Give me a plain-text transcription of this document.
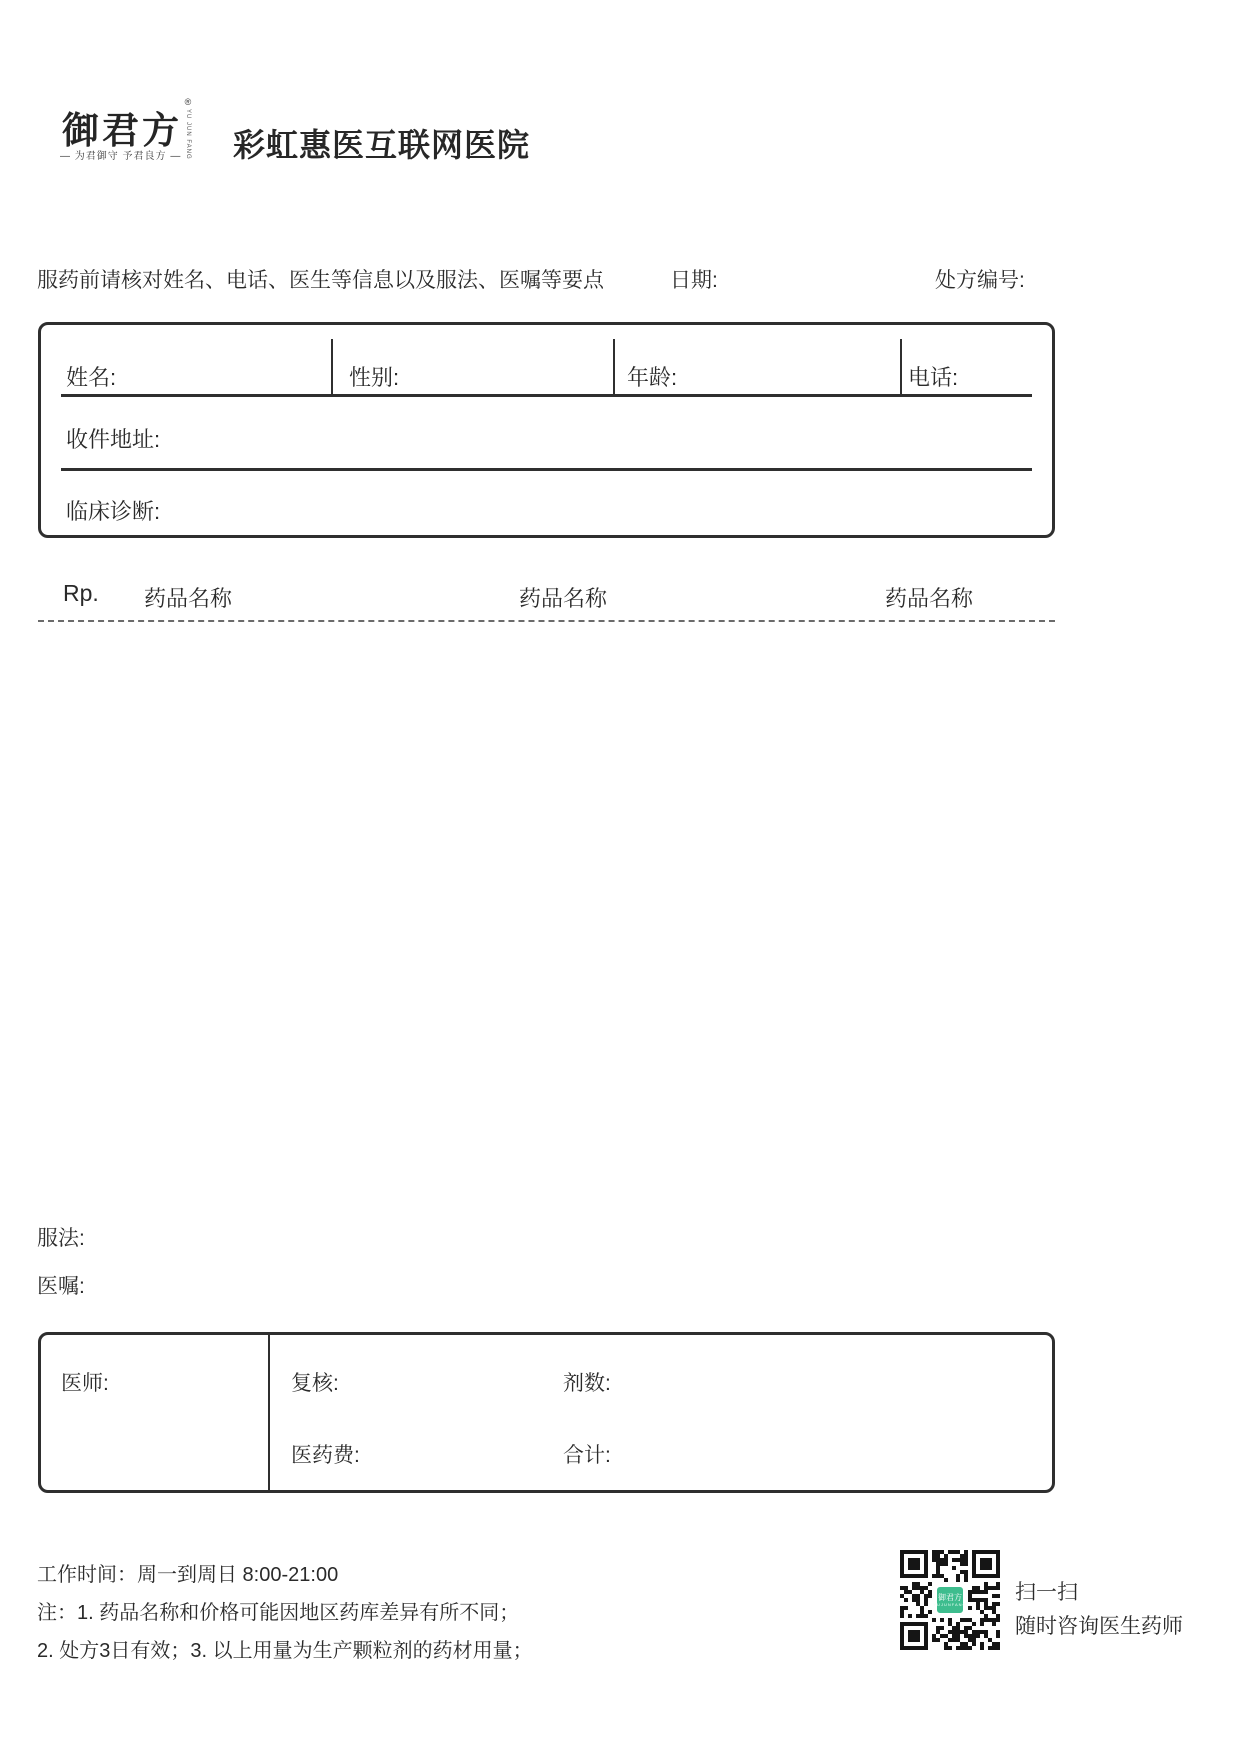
御君方
®
YU JUN FANG
— 为君御守 予君良方 — 彩虹惠医互联网医院
服药前请核对姓名、电话、医生等信息以及服法、医嘱等要点	日期:	处方编号:
姓名:	性别:	年龄:	电话:
收件地址:
临床诊断:
Rp. 药品名称	药品名称	药品名称
服法:
医嘱:
医师:	复核:	剂数:
医药费:	合计:
工作时间：周一到周日 8:00-21:00
注：1. 药品名称和价格可能因地区药库差异有所不同；
2. 处方3日有效；3. 以上用量为生产颗粒剂的药材用量；
御君方
YUJUNFANG
扫一扫
随时咨询医生药师
